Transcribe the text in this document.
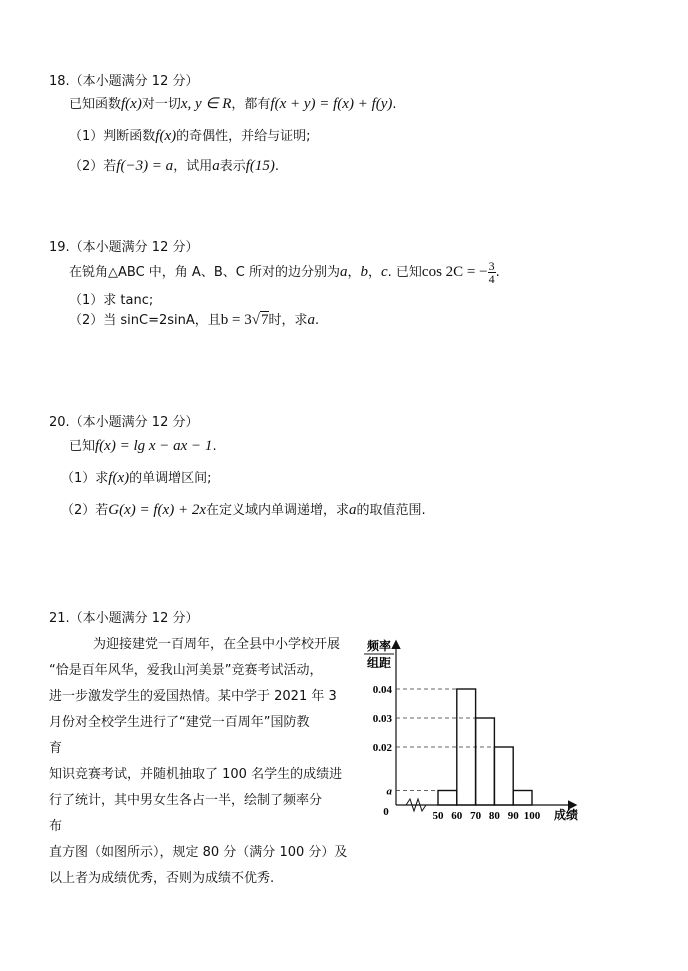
18.（本小题满分 12 分）
已知函数f(x)对一切x, y ∈ R，都有f(x + y) = f(x) + f(y).
（1）判断函数f(x)的奇偶性，并给与证明;
（2）若f(−3) = a，试用a表示f(15).
19.（本小题满分 12 分）
在锐角△ABC 中，角 A、B、C 所对的边分别为a，b，c. 已知cos 2C = − $\frac{3}{4}$ .
（1）求 tanc;
（2）当 sinC=2sinA，且b = 3√7时，求a.
20.（本小题满分 12 分）
已知f(x) = lg x − ax − 1.
（1）求f(x)的单调增区间;
（2）若G(x) = f(x) + 2x在定义域内单调递增，求a的取值范围.
21.（本小题满分 12 分）
为迎接建党一百周年，在全县中小学校开展
“恰是百年风华，爱我山河美景”竞赛考试活动，
进一步激发学生的爱国热情。某中学于 2021 年 3
月份对全校学生进行了“建党一百周年”国防教
育
知识竞赛考试，并随机抽取了 100 名学生的成绩进
行了统计，其中男女生各占一半，绘制了频率分
布
直方图（如图所示），规定 80 分（满分 100 分）及
以上者为成绩优秀，否则为成绩不优秀.
0.04
0.03
0.02
a
0	50 60 70 80 90 100 成绩
频率
组距
